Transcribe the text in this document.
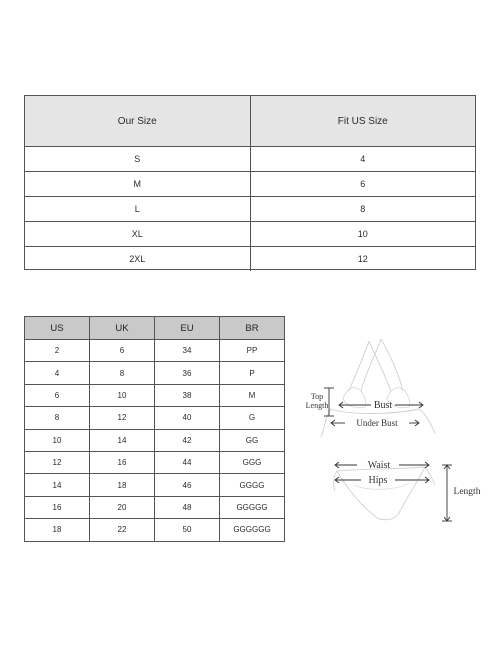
Our Size	Fit US Size
S	4
M	6
L	8
XL	10
2XL	12
US	UK	EU	BR
2	6	34	PP
4	8	36	P
6	10	38	M
8	12	40	G
10	14	42	GG
12	16	44	GGG
14	18	46	GGGG
16	20	48	GGGGG
18	22	50	GGGGGG
Top
Length	Bust
Under Bust
Waist
Hips
Length
